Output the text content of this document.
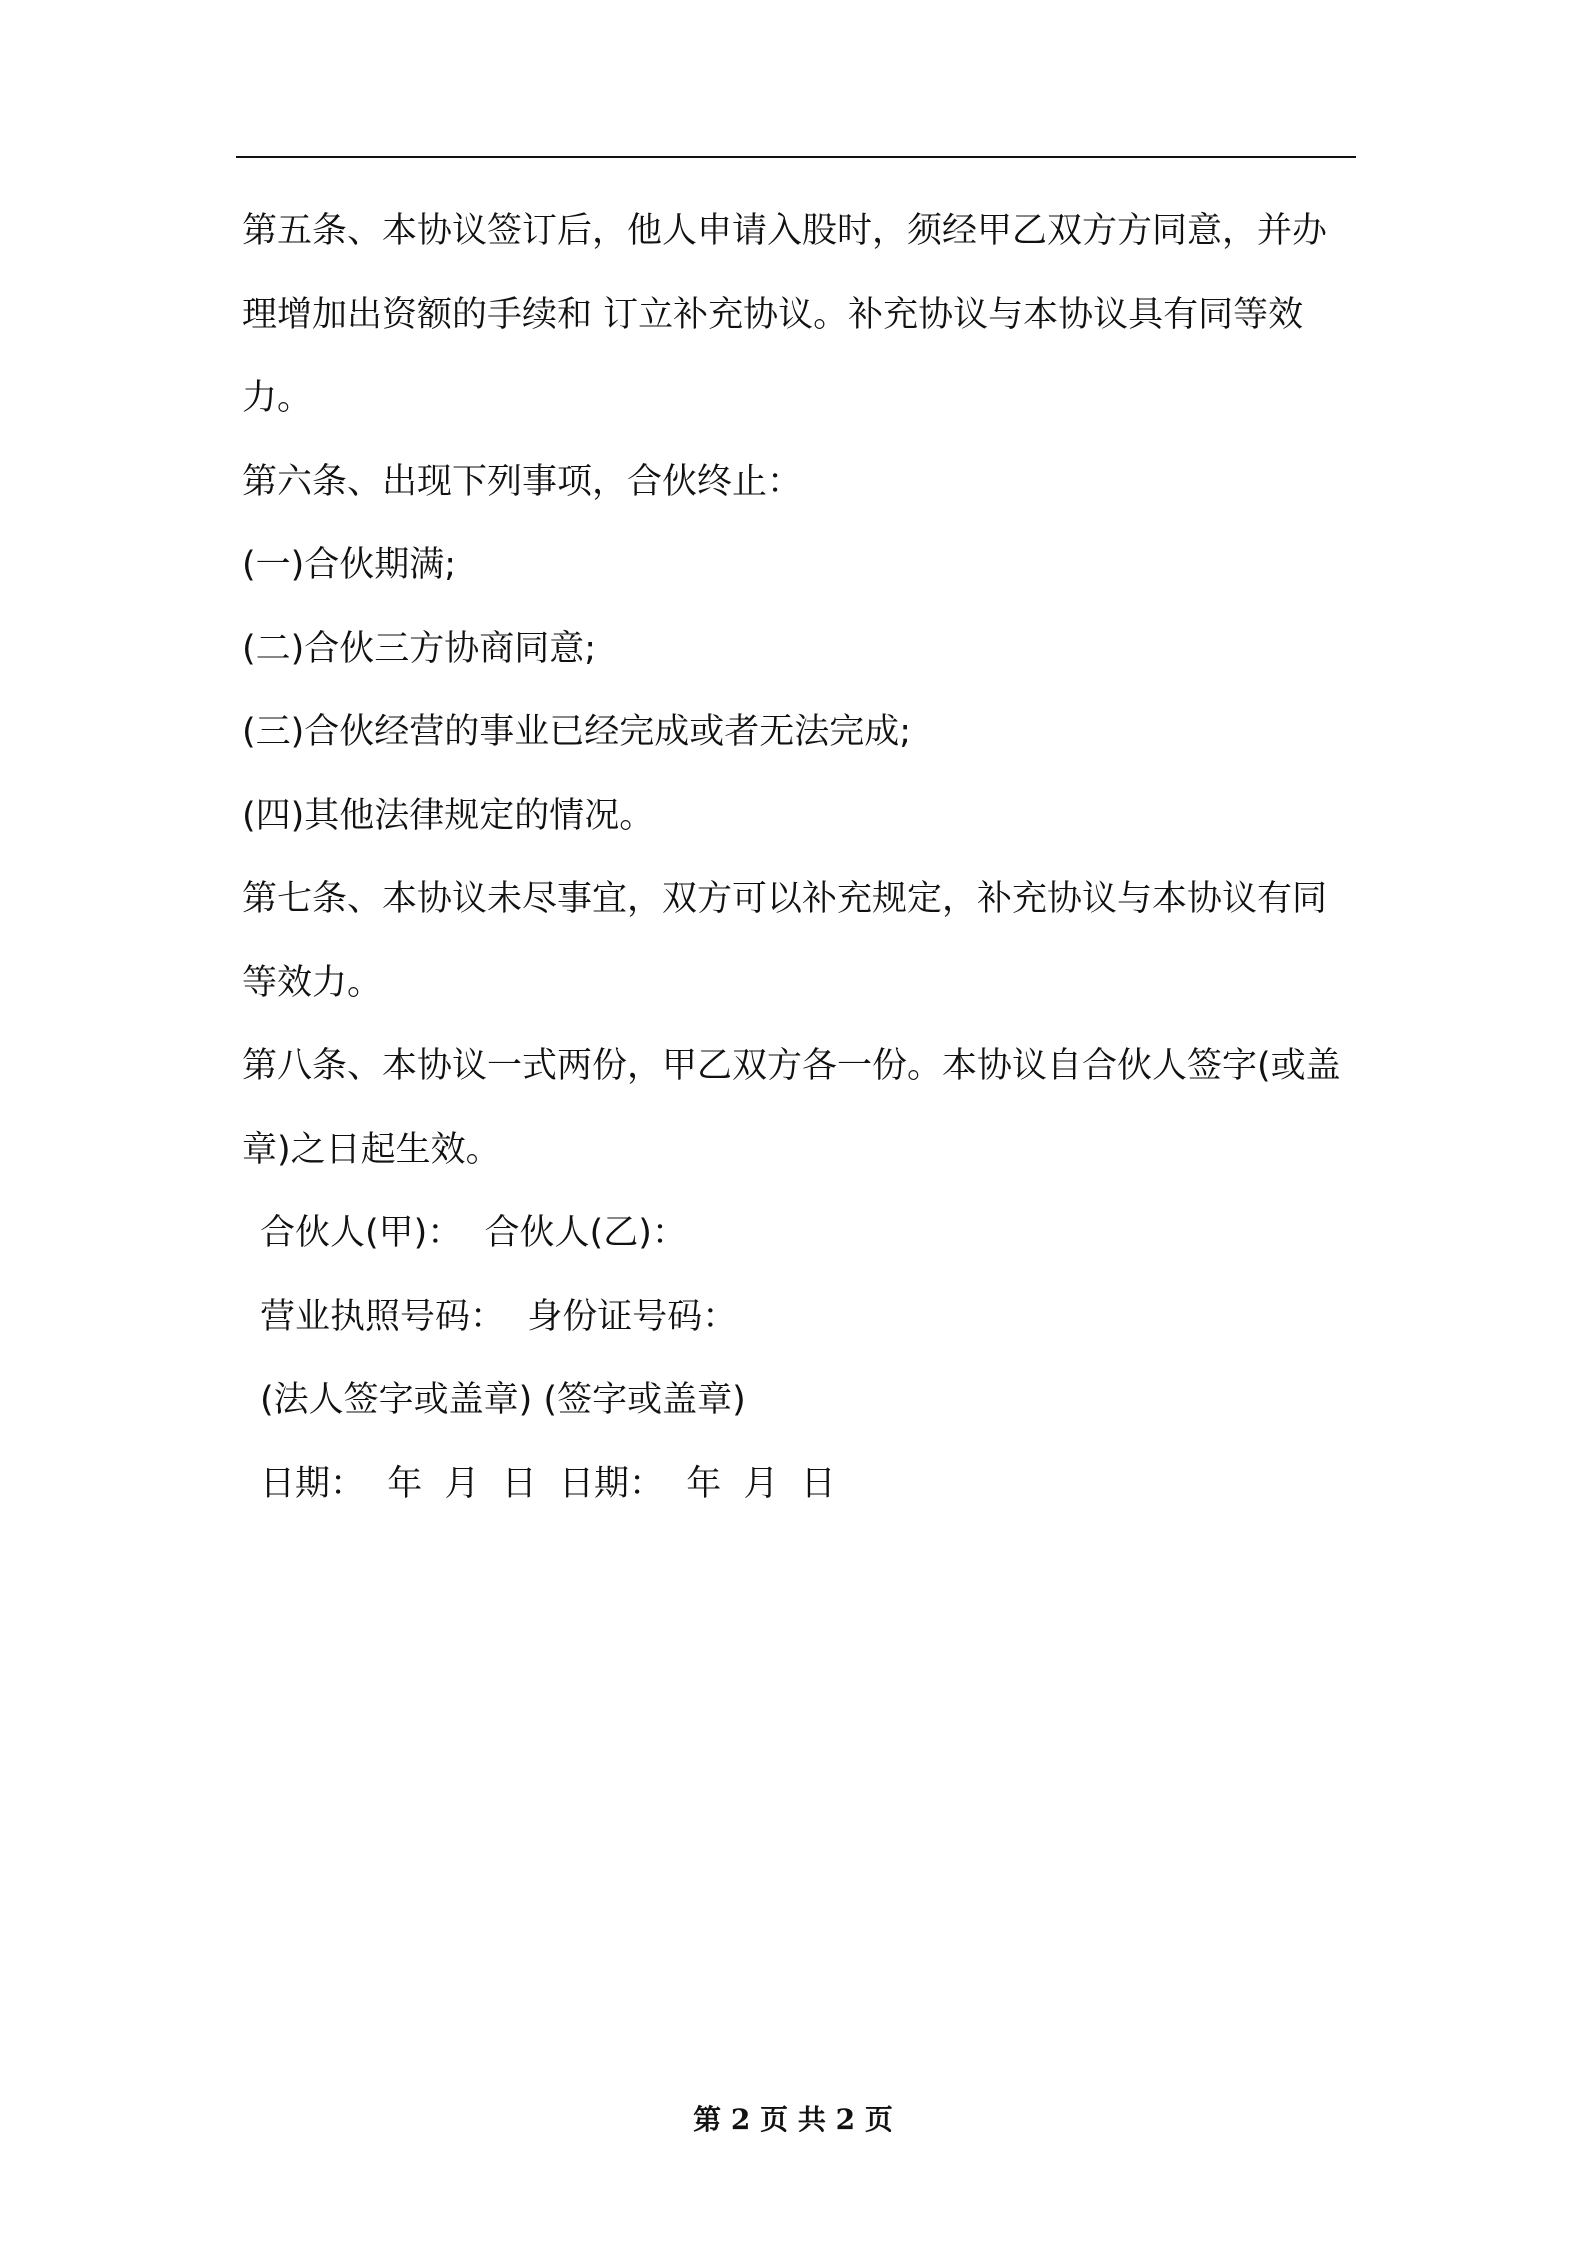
第五条、本协议签订后，他人申请入股时，须经甲乙双方方同意，并办理增加出资额的手续和 订立补充协议。补充协议与本协议具有同等效力。

第六条、出现下列事项，合伙终止：

(一)合伙期满;

(二)合伙三方协商同意;

(三)合伙经营的事业已经完成或者无法完成;

(四)其他法律规定的情况。

第七条、本协议未尽事宜，双方可以补充规定，补充协议与本协议有同等效力。

第八条、本协议一式两份，甲乙双方各一份。本协议自合伙人签字(或盖章)之日起生效。

合伙人(甲)：  合伙人(乙)：
营业执照号码：  身份证号码：
(法人签字或盖章) (签字或盖章)
日期：  年  月  日  日期：  年  月  日
第 2 页 共 2 页
